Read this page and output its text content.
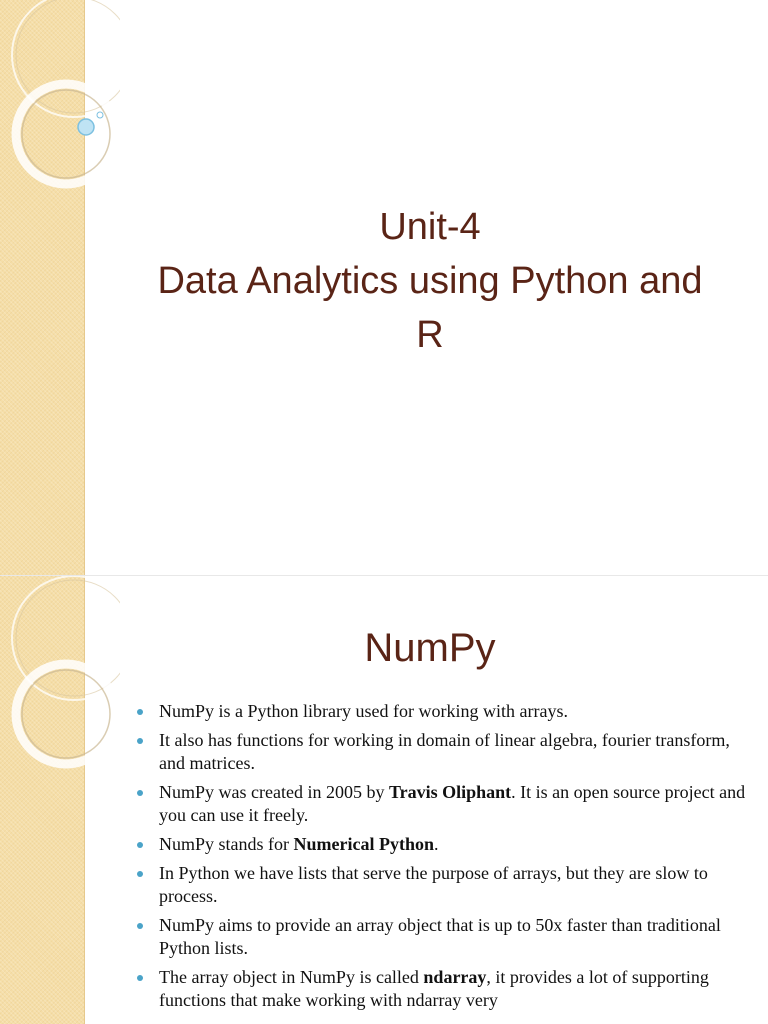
Unit-4
Data Analytics using Python and
R
NumPy
NumPy is a Python library used for working with arrays.
It also has functions for working in domain of linear algebra, fourier transform, and matrices.
NumPy was created in 2005 by Travis Oliphant. It is an open source project and you can use it freely.
NumPy stands for Numerical Python.
In Python we have lists that serve the purpose of arrays, but they are slow to process.
NumPy aims to provide an array object that is up to 50x faster than traditional Python lists.
The array object in NumPy is called ndarray, it provides a lot of supporting functions that make working with ndarray very
